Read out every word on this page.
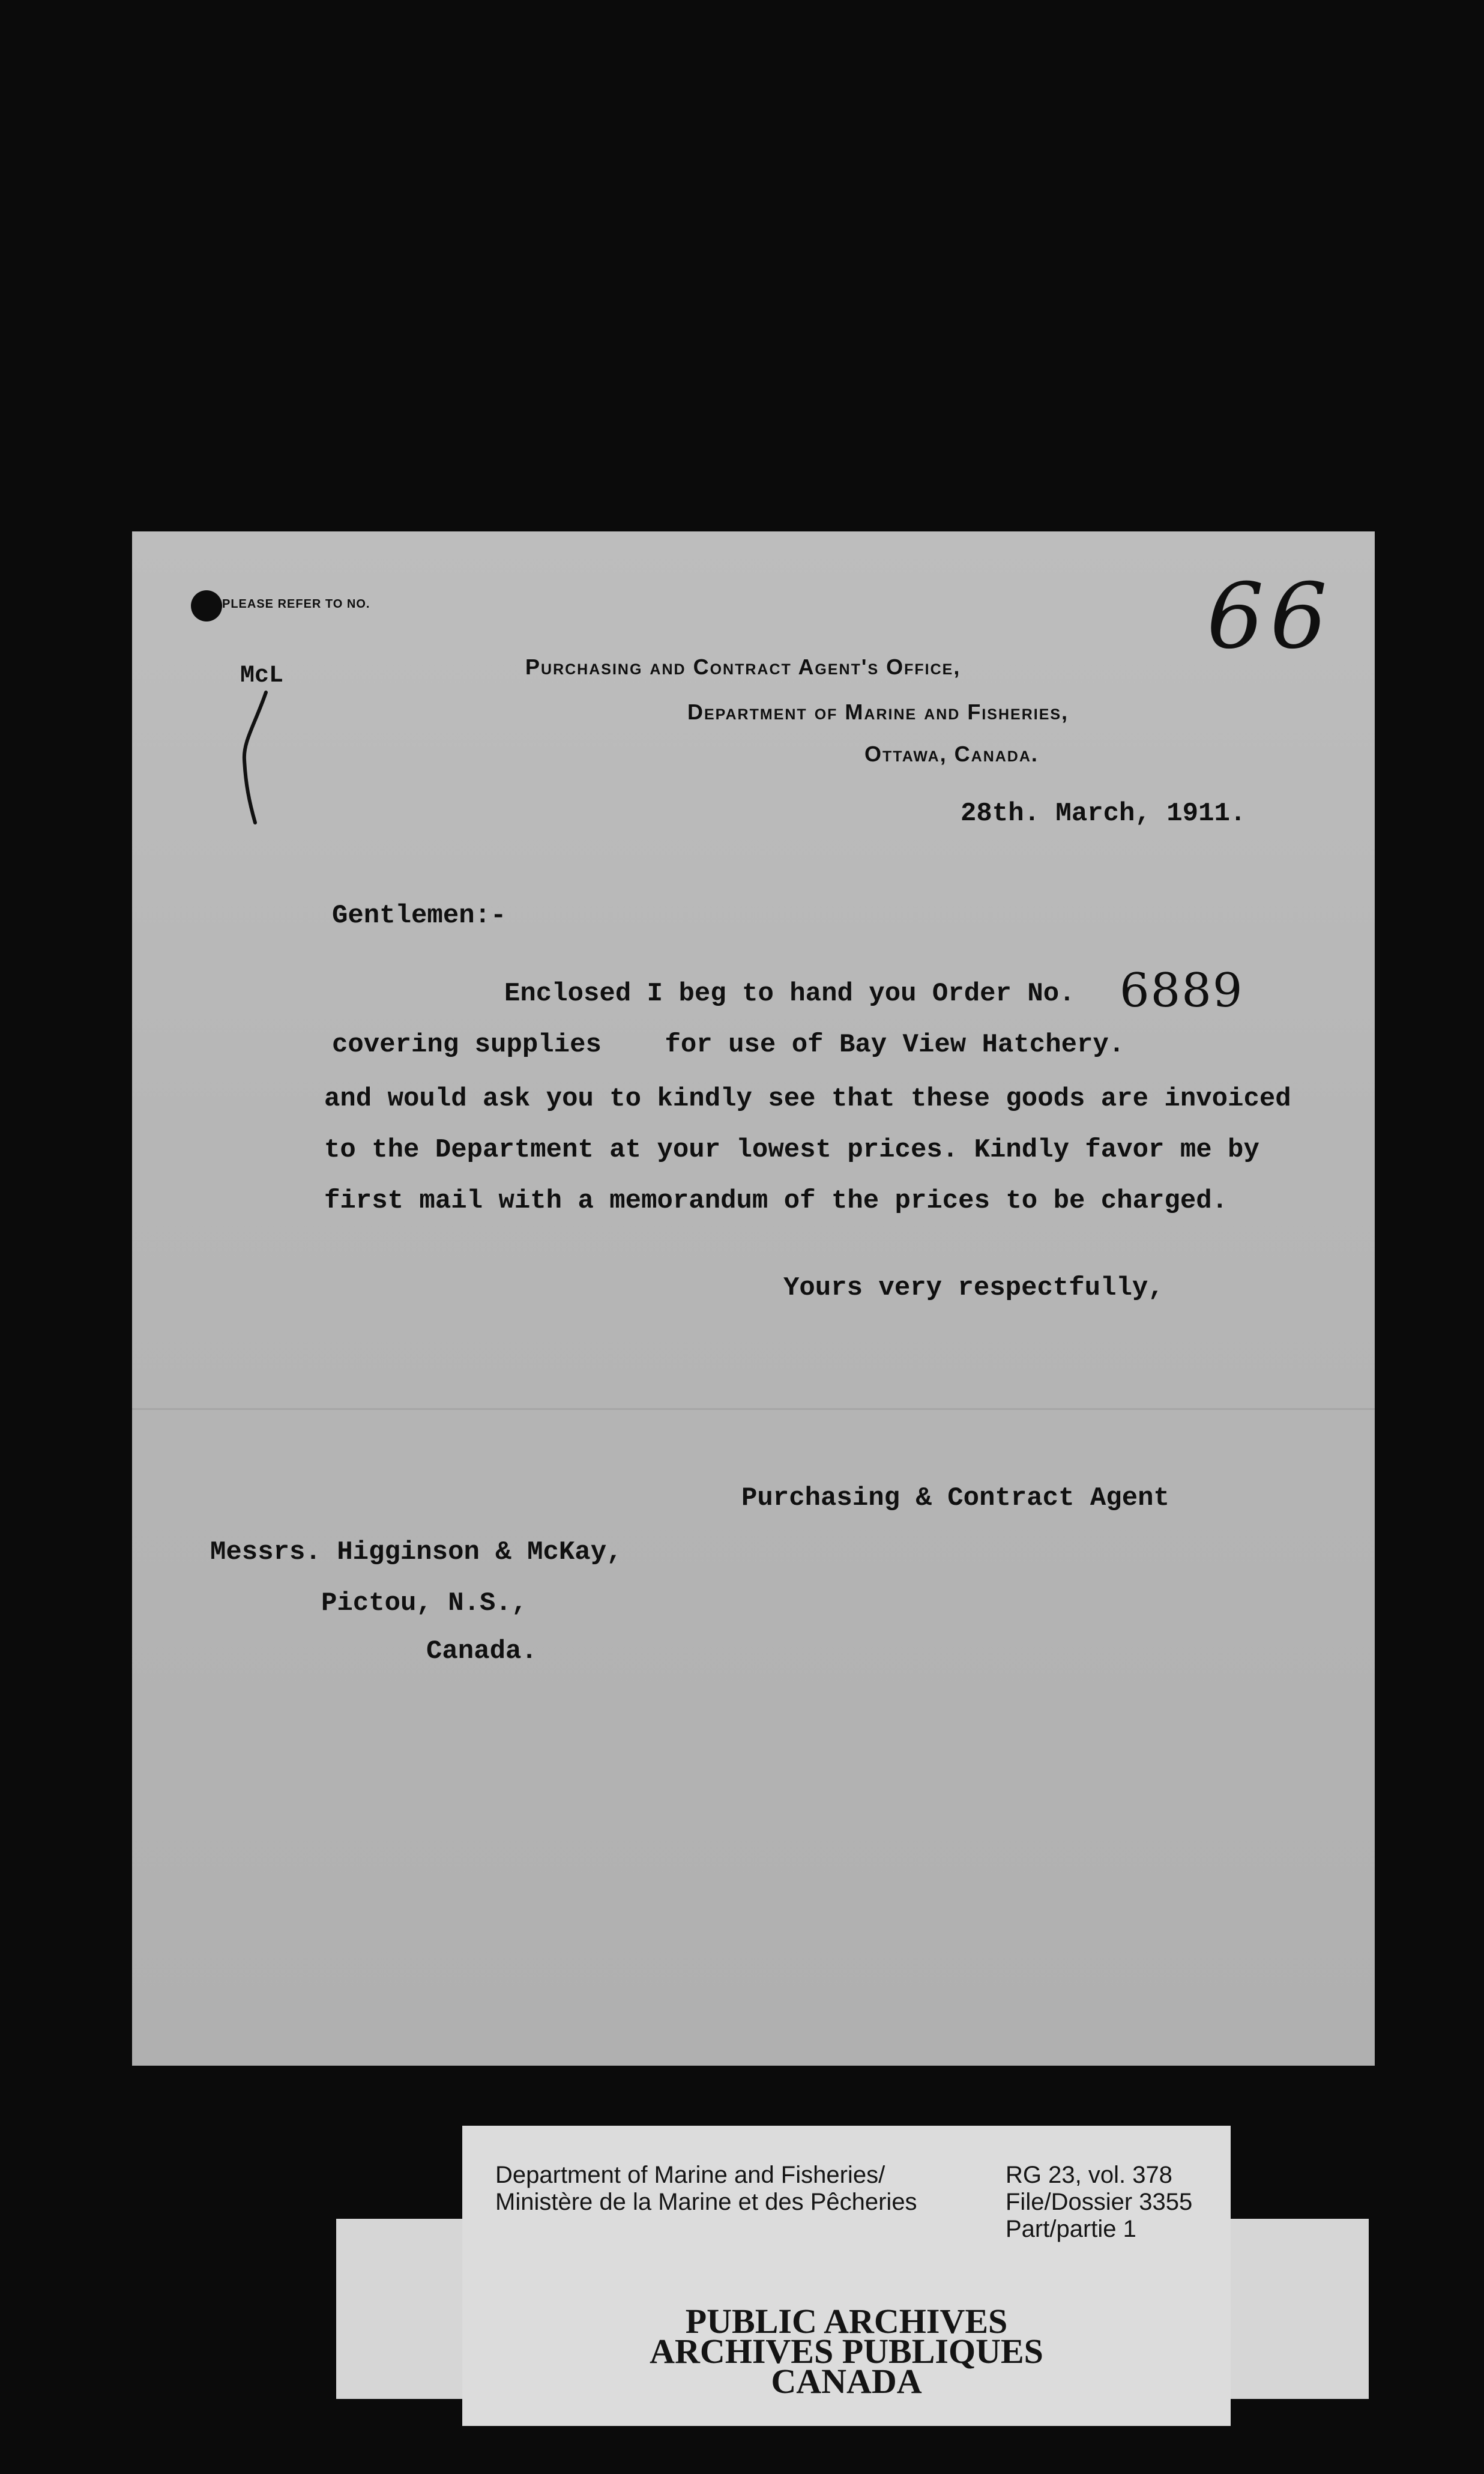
PLEASE REFER TO NO.
McL	Purchasing and Contract Agent's Office,
Department of Marine and Fisheries,
Ottawa, Canada.
66
28th. March, 1911.
Gentlemen:-
Enclosed I beg to hand you Order No. 6889
covering supplies    for use of Bay View Hatchery.
and would ask you to kindly see that these goods are invoiced
to the Department at your lowest prices. Kindly favor me by
first mail with a memorandum of the prices to be charged.
Yours very respectfully,
Purchasing & Contract Agent
Messrs. Higginson & McKay,
Pictou, N.S.,
Canada.
Department of Marine and Fisheries/
Ministère de la Marine et des Pêcheries
RG 23, vol. 378
File/Dossier 3355
Part/partie 1
PUBLIC ARCHIVES
ARCHIVES PUBLIQUES
CANADA
